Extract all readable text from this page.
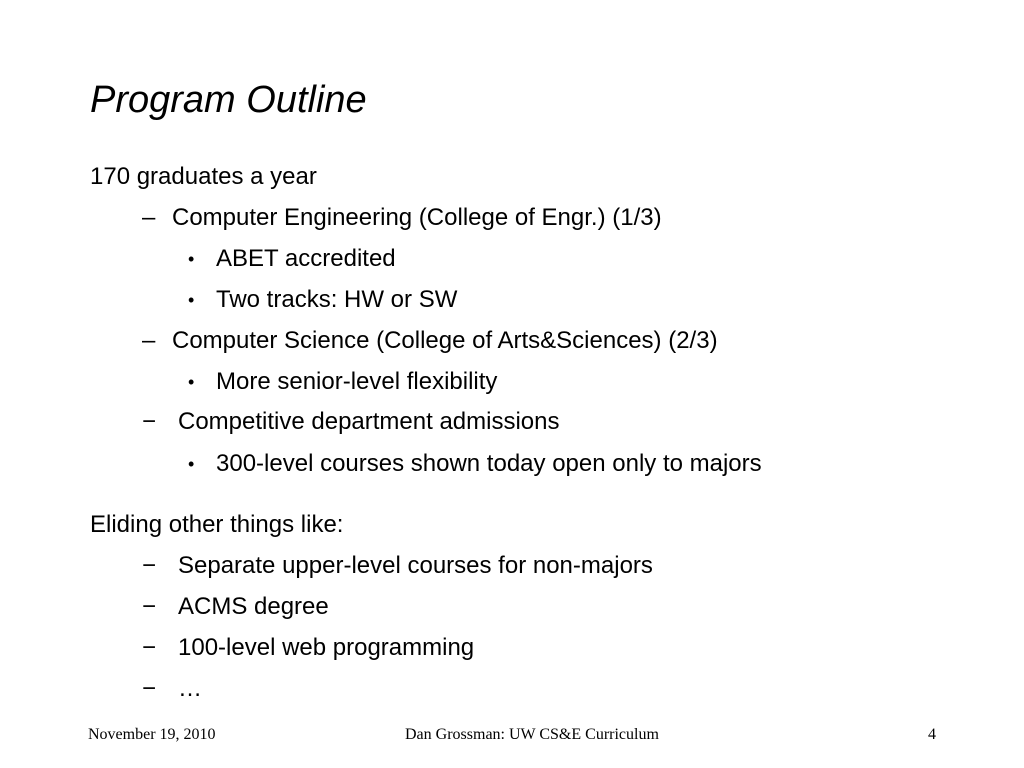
Program Outline
170 graduates a year
– Computer Engineering (College of Engr.) (1/3)
• ABET accredited
• Two tracks: HW or SW
– Computer Science (College of Arts&Sciences) (2/3)
• More senior-level flexibility
− Competitive department admissions
• 300-level courses shown today open only to majors
Eliding other things like:
− Separate upper-level courses for non-majors
− ACMS degree
− 100-level web programming
− …
November 19, 2010	Dan Grossman: UW CS&E Curriculum	4
